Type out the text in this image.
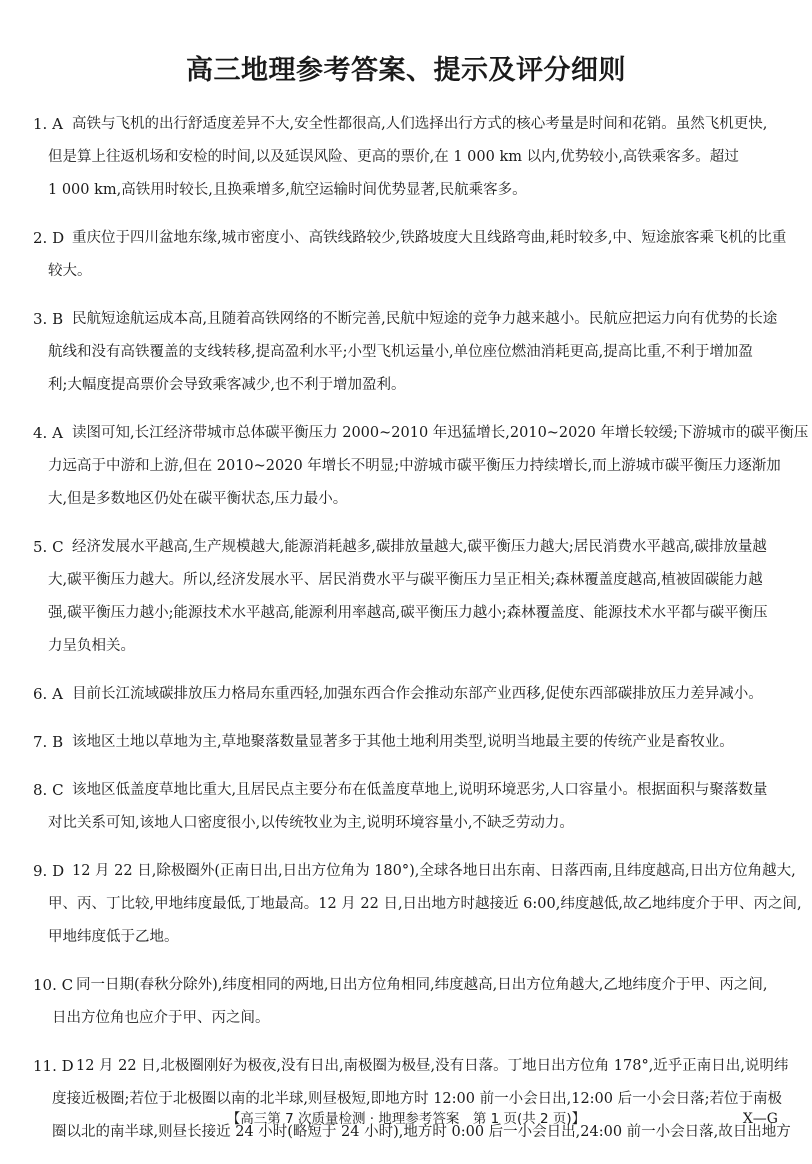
高三地理参考答案、提示及评分细则
1. A 高铁与飞机的出行舒适度差异不大,安全性都很高,人们选择出行方式的核心考量是时间和花销。虽然飞机更快,
但是算上往返机场和安检的时间,以及延误风险、更高的票价,在 1 000 km 以内,优势较小,高铁乘客多。超过
1 000 km,高铁用时较长,且换乘增多,航空运输时间优势显著,民航乘客多。
2. D 重庆位于四川盆地东缘,城市密度小、高铁线路较少,铁路坡度大且线路弯曲,耗时较多,中、短途旅客乘飞机的比重
较大。
3. B 民航短途航运成本高,且随着高铁网络的不断完善,民航中短途的竞争力越来越小。民航应把运力向有优势的长途
航线和没有高铁覆盖的支线转移,提高盈利水平;小型飞机运量小,单位座位燃油消耗更高,提高比重,不利于增加盈
利;大幅度提高票价会导致乘客减少,也不利于增加盈利。
4. A 读图可知,长江经济带城市总体碳平衡压力 2000~2010 年迅猛增长,2010~2020 年增长较缓;下游城市的碳平衡压
力远高于中游和上游,但在 2010~2020 年增长不明显;中游城市碳平衡压力持续增长,而上游城市碳平衡压力逐渐加
大,但是多数地区仍处在碳平衡状态,压力最小。
5. C 经济发展水平越高,生产规模越大,能源消耗越多,碳排放量越大,碳平衡压力越大;居民消费水平越高,碳排放量越
大,碳平衡压力越大。所以,经济发展水平、居民消费水平与碳平衡压力呈正相关;森林覆盖度越高,植被固碳能力越
强,碳平衡压力越小;能源技术水平越高,能源利用率越高,碳平衡压力越小;森林覆盖度、能源技术水平都与碳平衡压
力呈负相关。
6. A 目前长江流域碳排放压力格局东重西轻,加强东西合作会推动东部产业西移,促使东西部碳排放压力差异减小。
7. B 该地区土地以草地为主,草地聚落数量显著多于其他土地利用类型,说明当地最主要的传统产业是畜牧业。
8. C 该地区低盖度草地比重大,且居民点主要分布在低盖度草地上,说明环境恶劣,人口容量小。根据面积与聚落数量
对比关系可知,该地人口密度很小,以传统牧业为主,说明环境容量小,不缺乏劳动力。
9. D 12 月 22 日,除极圈外(正南日出,日出方位角为 180°),全球各地日出东南、日落西南,且纬度越高,日出方位角越大,
甲、丙、丁比较,甲地纬度最低,丁地最高。12 月 22 日,日出地方时越接近 6:00,纬度越低,故乙地纬度介于甲、丙之间,
甲地纬度低于乙地。
10. C 同一日期(春秋分除外),纬度相同的两地,日出方位角相同,纬度越高,日出方位角越大,乙地纬度介于甲、丙之间,
日出方位角也应介于甲、丙之间。
11. D 12 月 22 日,北极圈刚好为极夜,没有日出,南极圈为极昼,没有日落。丁地日出方位角 178°,近乎正南日出,说明纬
度接近极圈;若位于北极圈以南的北半球,则昼极短,即地方时 12:00 前一小会日出,12:00 后一小会日落;若位于南极
圈以北的南半球,则昼长接近 24 小时(略短于 24 小时),地方时 0:00 后一小会日出,24:00 前一小会日落,故日出地方
【高三第 7 次质量检测 · 地理参考答案　第 1 页(共 2 页)】	X—G
